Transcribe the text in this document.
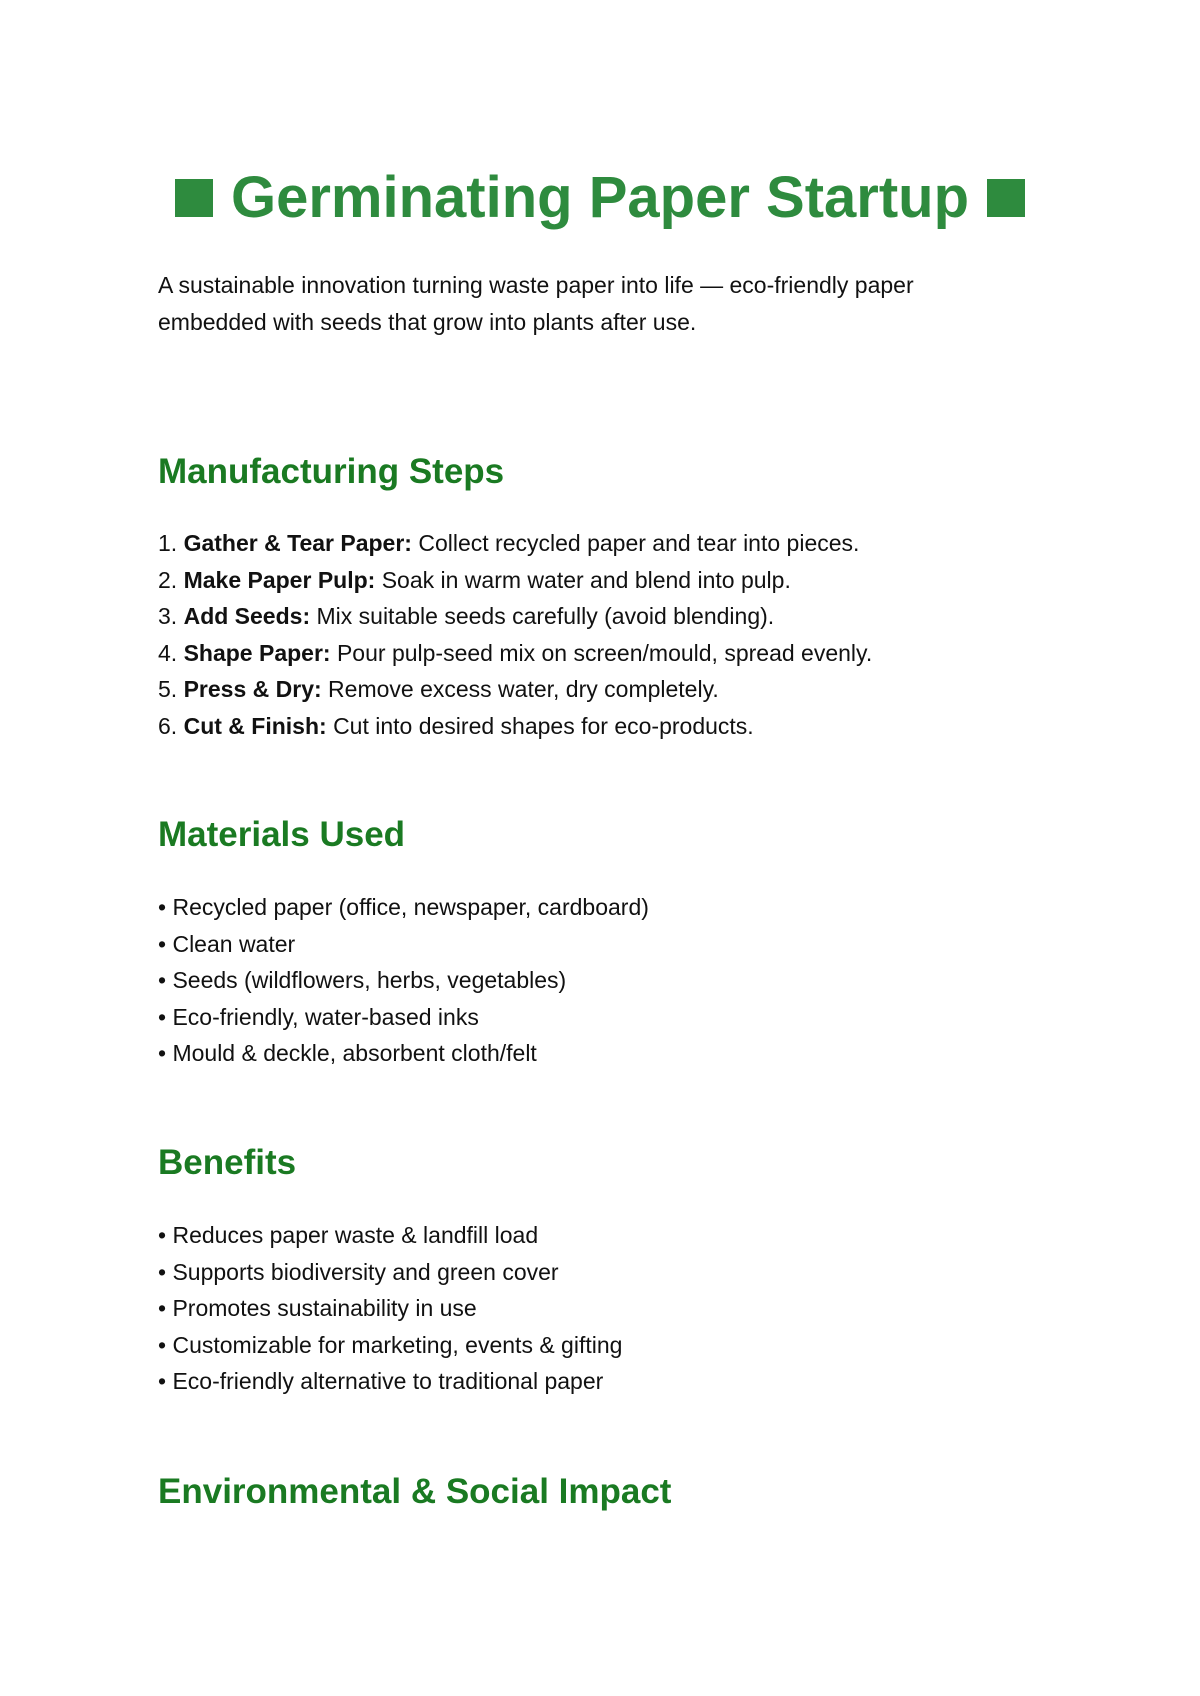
Germinating Paper Startup
A sustainable innovation turning waste paper into life — eco-friendly paper
embedded with seeds that grow into plants after use.
Manufacturing Steps
1. Gather & Tear Paper: Collect recycled paper and tear into pieces.
2. Make Paper Pulp: Soak in warm water and blend into pulp.
3. Add Seeds: Mix suitable seeds carefully (avoid blending).
4. Shape Paper: Pour pulp-seed mix on screen/mould, spread evenly.
5. Press & Dry: Remove excess water, dry completely.
6. Cut & Finish: Cut into desired shapes for eco-products.
Materials Used
• Recycled paper (office, newspaper, cardboard)
• Clean water
• Seeds (wildflowers, herbs, vegetables)
• Eco-friendly, water-based inks
• Mould & deckle, absorbent cloth/felt
Benefits
• Reduces paper waste & landfill load
• Supports biodiversity and green cover
• Promotes sustainability in use
• Customizable for marketing, events & gifting
• Eco-friendly alternative to traditional paper
Environmental & Social Impact
